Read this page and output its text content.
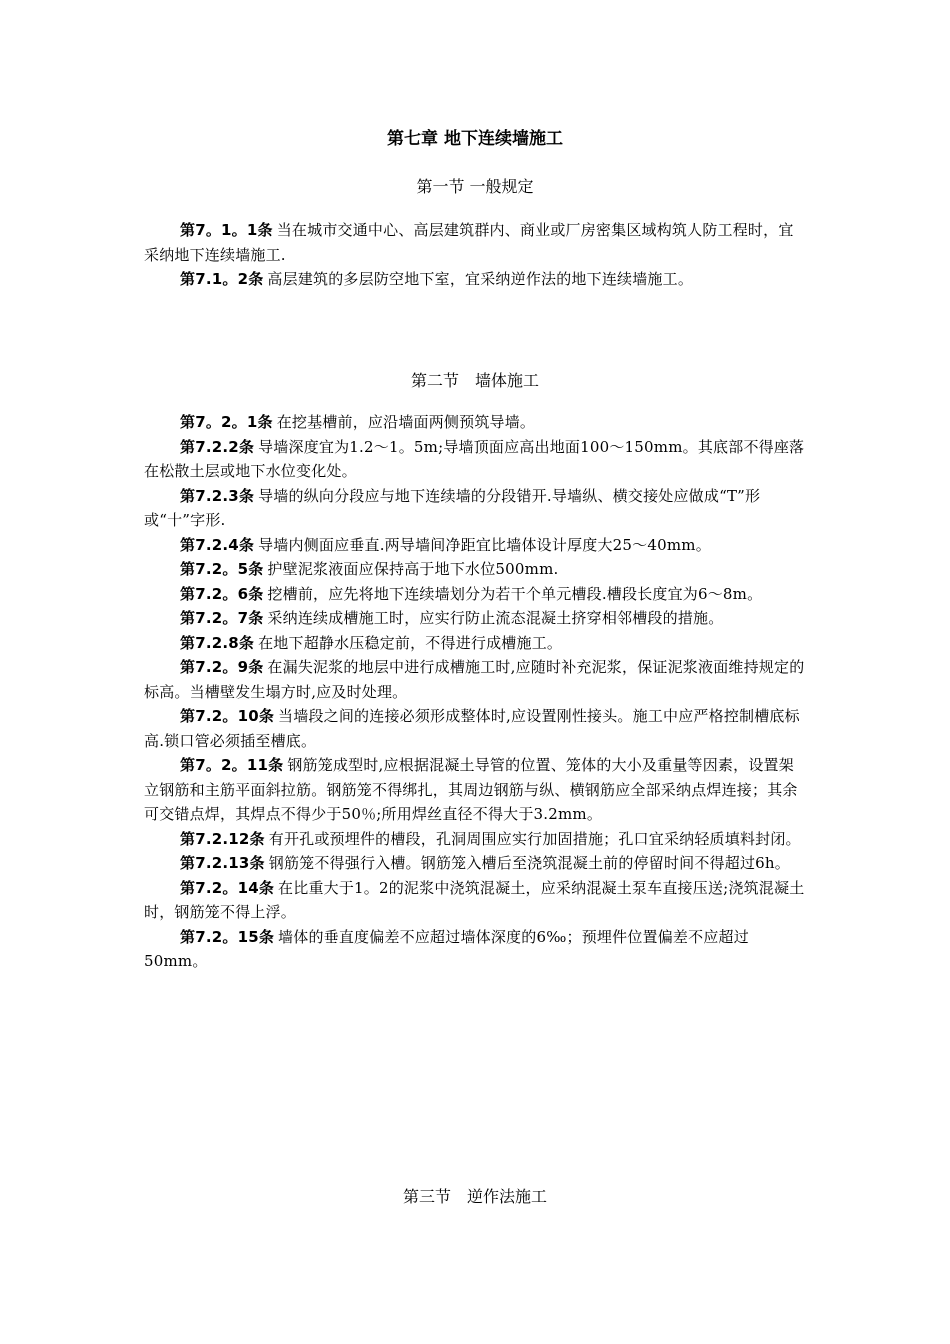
第七章 地下连续墙施工
第一节 一般规定

第7。1。1条 当在城市交通中心、高层建筑群内、商业或厂房密集区域构筑人防工程时，宜采纳地下连续墙施工.

第7.1。2条 高层建筑的多层防空地下室，宜采纳逆作法的地下连续墙施工。

第二节　墙体施工

第7。2。1条 在挖基槽前，应沿墙面两侧预筑导墙。

第7.2.2条 导墙深度宜为1.2～1。5m;导墙顶面应高出地面100～150mm。其底部不得座落在松散土层或地下水位变化处。

第7.2.3条 导墙的纵向分段应与地下连续墙的分段错开.导墙纵、横交接处应做成“T”形或“十”字形.

第7.2.4条 导墙内侧面应垂直.两导墙间净距宜比墙体设计厚度大25～40mm。

第7.2。5条 护壁泥浆液面应保持高于地下水位500mm.

第7.2。6条 挖槽前，应先将地下连续墙划分为若干个单元槽段.槽段长度宜为6～8m。

第7.2。7条 采纳连续成槽施工时，应实行防止流态混凝土挤穿相邻槽段的措施。

第7.2.8条 在地下超静水压稳定前，不得进行成槽施工。

第7.2。9条 在漏失泥浆的地层中进行成槽施工时,应随时补充泥浆，保证泥浆液面维持规定的标高。当槽壁发生塌方时,应及时处理。

第7.2。10条 当墙段之间的连接必须形成整体时,应设置刚性接头。施工中应严格控制槽底标高.锁口管必须插至槽底。

第7。2。11条 钢筋笼成型时,应根据混凝土导管的位置、笼体的大小及重量等因素，设置架立钢筋和主筋平面斜拉筋。钢筋笼不得绑扎，其周边钢筋与纵、横钢筋应全部采纳点焊连接；其余可交错点焊，其焊点不得少于50％;所用焊丝直径不得大于3.2mm。

第7.2.12条 有开孔或预埋件的槽段，孔洞周围应实行加固措施；孔口宜采纳轻质填料封闭。

第7.2.13条 钢筋笼不得强行入槽。钢筋笼入槽后至浇筑混凝土前的停留时间不得超过6h。

第7.2。14条 在比重大于1。2的泥浆中浇筑混凝土，应采纳混凝土泵车直接压送;浇筑混凝土时，钢筋笼不得上浮。

第7.2。15条 墙体的垂直度偏差不应超过墙体深度的6‰；预埋件位置偏差不应超过50mm。

第三节　逆作法施工
